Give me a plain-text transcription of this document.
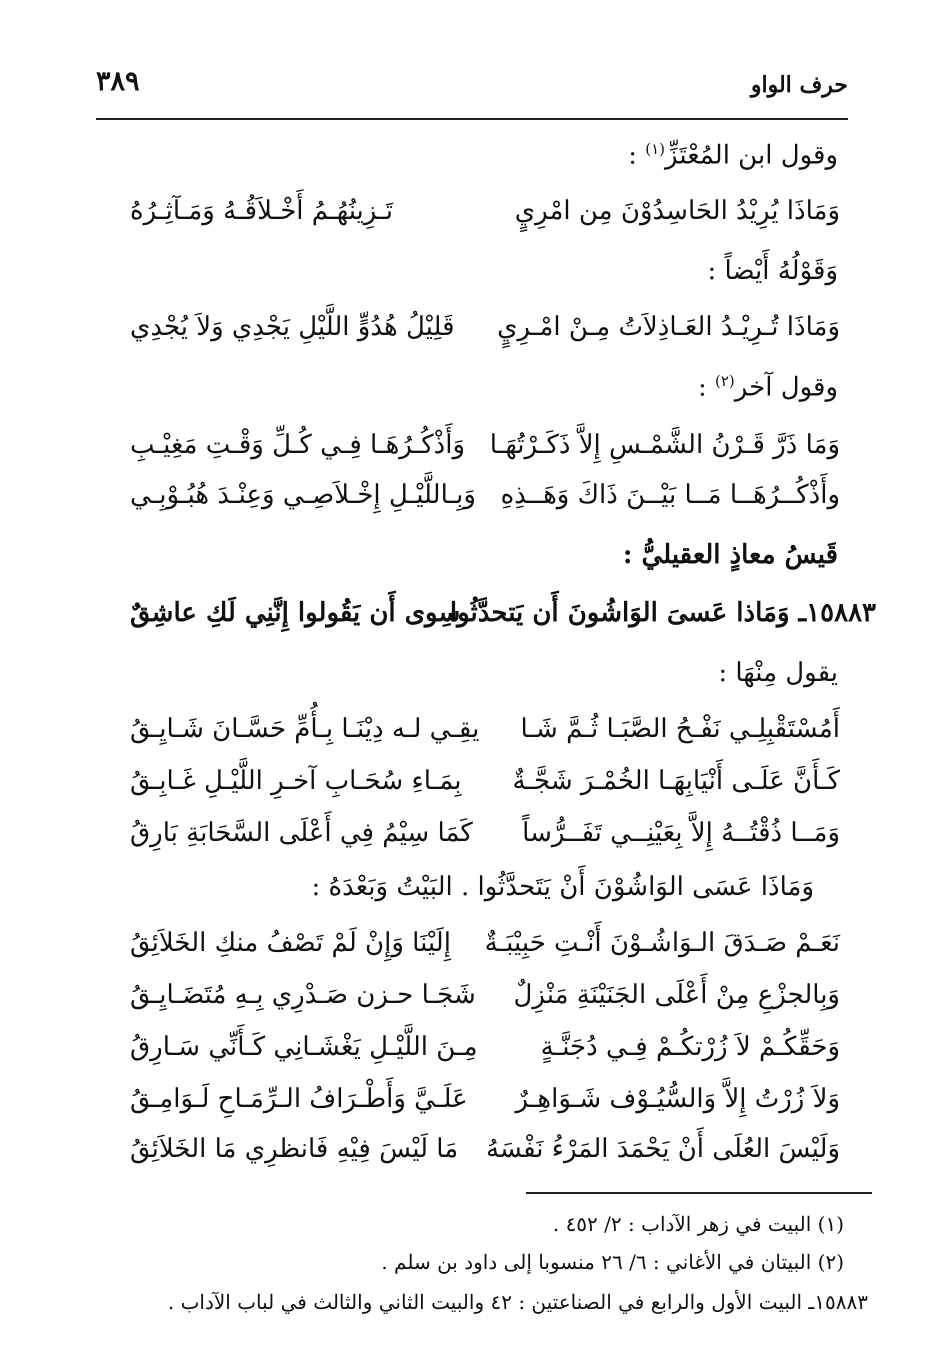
حرف الواو
٣٨٩
وقول ابن المُعْتَزِّ$^{(١)}$ :
وَمَاذَا يُرِيْدُ الحَاسِدُوْنَ مِن امْرِيٍ
تَـزِينُهُـمُ أَخْـلاَقُـهُ وَمَـآثِـرُهُ
وَقَوْلُهُ أَيْضاً :
وَمَاذَا تُـرِيْـدُ العَـاذِلاَتُ مِـنْ امْـرِيٍ
قَلِيْلُ هُدُوٍّ اللَّيْلِ يَجْدِي وَلاَ يُجْدِي
وقول آخر$^{(٢)}$ :
وَمَا ذَرَّ قَـرْنُ الشَّمْـسِ إِلاَّ ذَكَـرْتُهَـا
وَأَذْكُـرُهَـا فِـي كُـلِّ وَقْـتِ مَغِيْـبِ
وأَذْكُــرُهَــا مَــا بَيْــنَ ذَاكَ وَهَــذِهِ
وَبِـاللَّيْـلِ إِخْـلاَصِـي وَعِنْـدَ هُبُـوْبِـي
قَيسُ معاذٍ العقيليُّ :
١٥٨٨٣ـ وَمَاذا عَسىَ الوَاشُونَ أَن يَتحدَّثُوا
سِوى أَن يَقُولوا إِنَّنِي لَكِ عاشِقٌ
يقول مِنْهَا :
أَمُسْتَقْبِلِـي نَفْـحُ الصَّبَـا ثُـمَّ شَـا
يقِـي لـه دِيْنَـا بِـأُمِّ حَسَّـانَ شَـايِـقُ
كَـأَنَّ عَلَـى أَنْيَابِهَـا الخُمْـرَ شَجَّـةٌ
بِمَـاءِ سُحَـابِ آخـرِ اللَّيْـلِ غَـابِـقُ
وَمَــا ذُقْتُــهُ إِلاَّ بِعَيْنِــي تَفَــرُّساً
كَمَا سِيْمُ فِي أَعْلَى السَّحَابَةِ بَارِقُ
وَمَاذَا عَسَى الوَاشُوْنَ أَنْ يَتَحدَّثُوا . البَيْتُ وَبَعْدَهُ :
نَعَـمْ صَـدَقَ الـوَاشُـوْنَ أَنْـتِ حَبِيْبَـةٌ
إِلَيْنَا وَإِنْ لَمْ تَصْفُ منكِ الخَلاَئِقُ
وَبِالجزْعِ مِنْ أَعْلَى الجَنَيْنَةِ مَنْزِلٌ
شَجَـا حـزن صَـدْرِي بِـهِ مُتَضَـايِـقُ
وَحَقِّكُـمْ لاَ زُرْتكُـمْ فِـي دُجَنَّـةٍ
مِـنَ اللَّيْـلِ يَغْشَـانِي كَـأَنِّي سَـارِقُ
وَلاَ زُرْتُ إِلاَّ وَالسُّيُـوْف شَـوَاهِـرٌ
عَلَـيَّ وَأَطْـرَافُ الـرِّمَـاحِ لَـوَامِـقُ
وَلَيْسَ العُلَى أَنْ يَحْمَدَ المَرْءُ نَفْسَهُ
مَا لَيْسَ فِيْهِ فَانظرِي مَا الخَلاَئِقُ
(١) البيت في زهر الآداب : ٢/ ٤٥٢ .
(٢) البيتان في الأغاني : ٦/ ٢٦ منسوبا إلى داود بن سلم .
١٥٨٨٣ـ البيت الأول والرابع في الصناعتين : ٤٢ والبيت الثاني والثالث في لباب الآداب .
